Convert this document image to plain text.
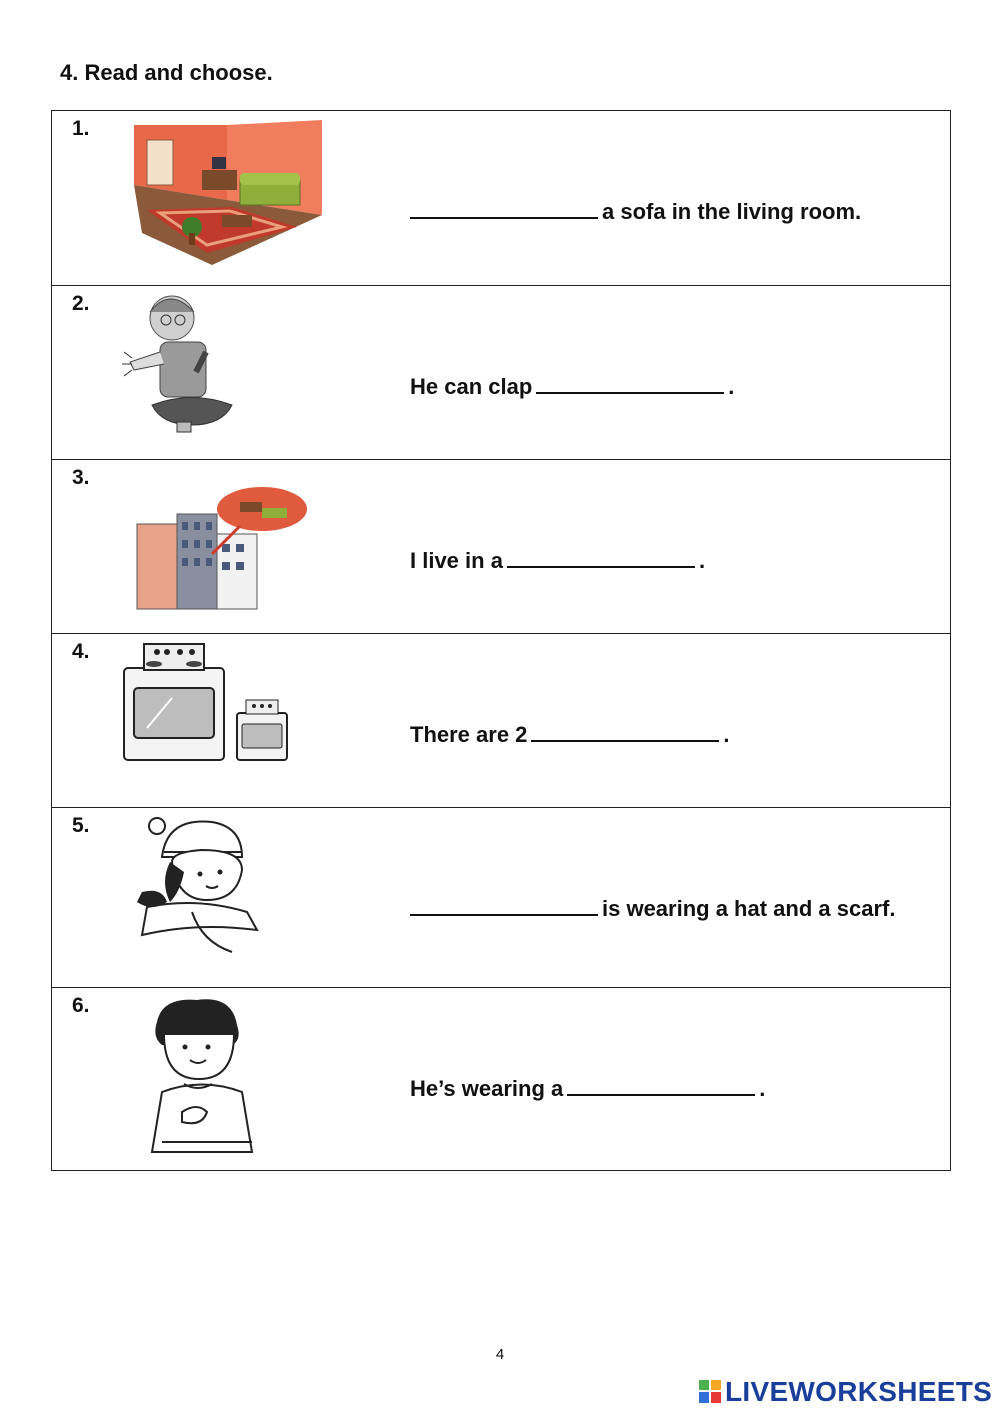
4. Read and choose.
1.
a sofa in the living room.
2.
He can clap	.
3.
I live in a	.
4.
There are 2	.
5.
is wearing a hat and a scarf.
6.
He’s wearing a	.
4
LIVEWORKSHEETS
